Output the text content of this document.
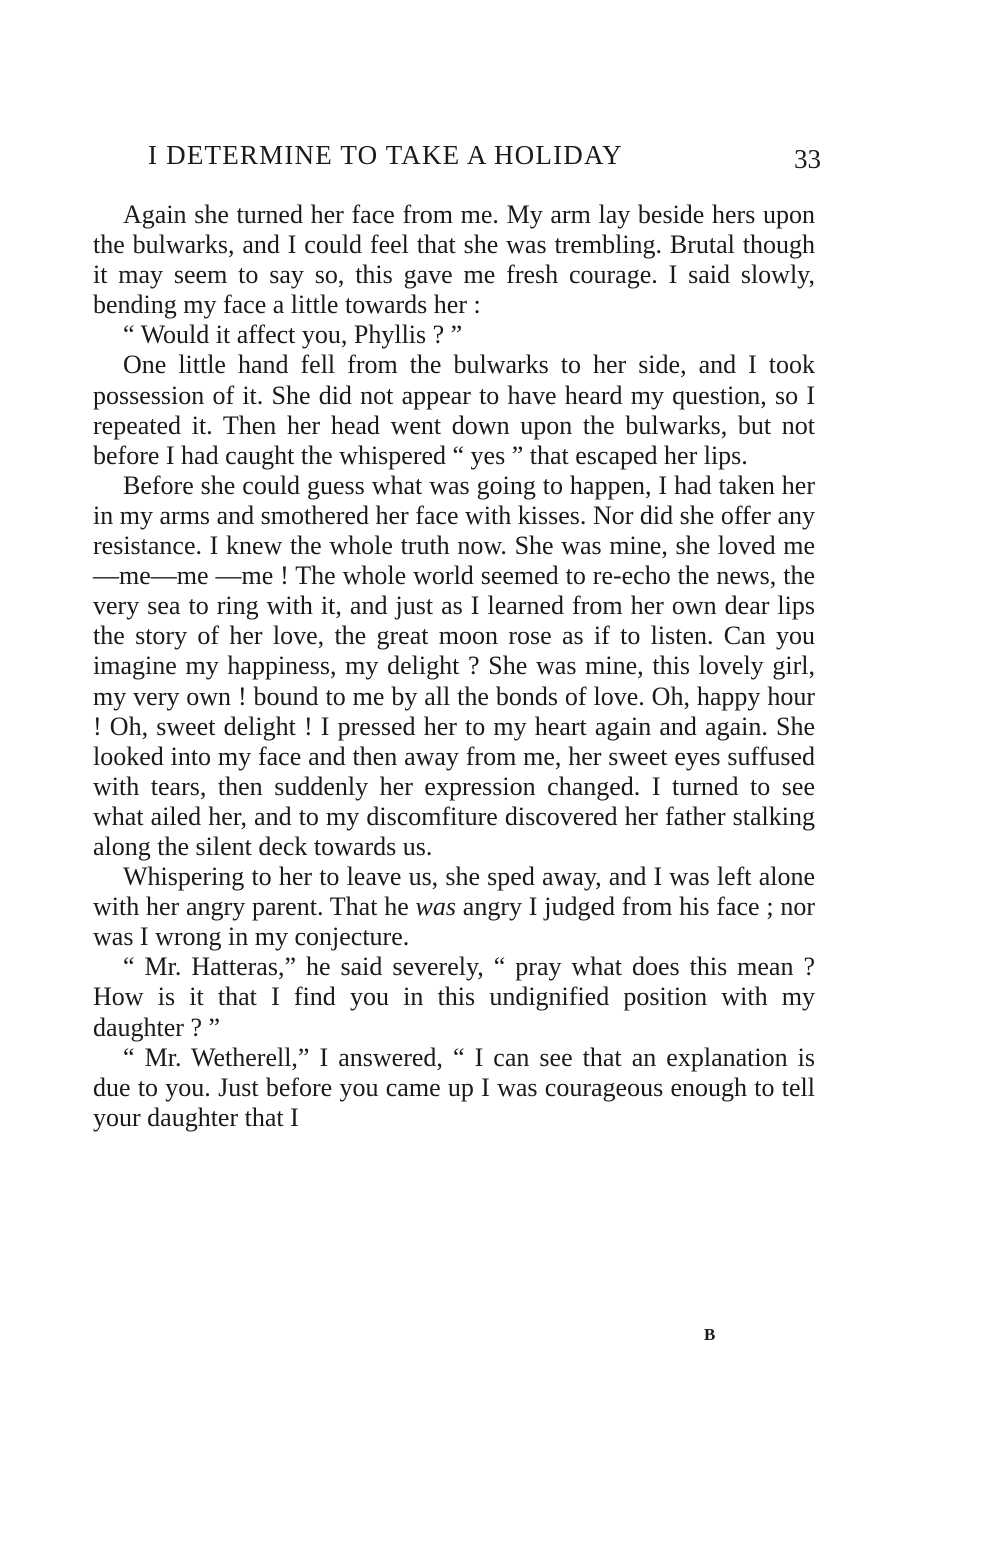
I DETERMINE TO TAKE A HOLIDAY	33

Again she turned her face from me. My arm lay beside hers upon the bulwarks, and I could feel that she was trembling. Brutal though it may seem to say so, this gave me fresh courage. I said slowly, bending my face a little towards her :

“ Would it affect you, Phyllis ? ”

One little hand fell from the bulwarks to her side, and I took possession of it. She did not appear to have heard my question, so I repeated it. Then her head went down upon the bulwarks, but not before I had caught the whispered “ yes ” that escaped her lips.

Before she could guess what was going to happen, I had taken her in my arms and smothered her face with kisses. Nor did she offer any resistance. I knew the whole truth now. She was mine, she loved me—me—me —me ! The whole world seemed to re-echo the news, the very sea to ring with it, and just as I learned from her own dear lips the story of her love, the great moon rose as if to listen. Can you imagine my happiness, my delight ? She was mine, this lovely girl, my very own ! bound to me by all the bonds of love. Oh, happy hour ! Oh, sweet delight ! I pressed her to my heart again and again. She looked into my face and then away from me, her sweet eyes suffused with tears, then suddenly her expression changed. I turned to see what ailed her, and to my discomfiture discovered her father stalking along the silent deck towards us.

Whispering to her to leave us, she sped away, and I was left alone with her angry parent. That he was angry I judged from his face ; nor was I wrong in my conjecture.

“ Mr. Hatteras,” he said severely, “ pray what does this mean ? How is it that I find you in this undignified position with my daughter ? ”

“ Mr. Wetherell,” I answered, “ I can see that an explanation is due to you. Just before you came up I was courageous enough to tell your daughter that I

B
